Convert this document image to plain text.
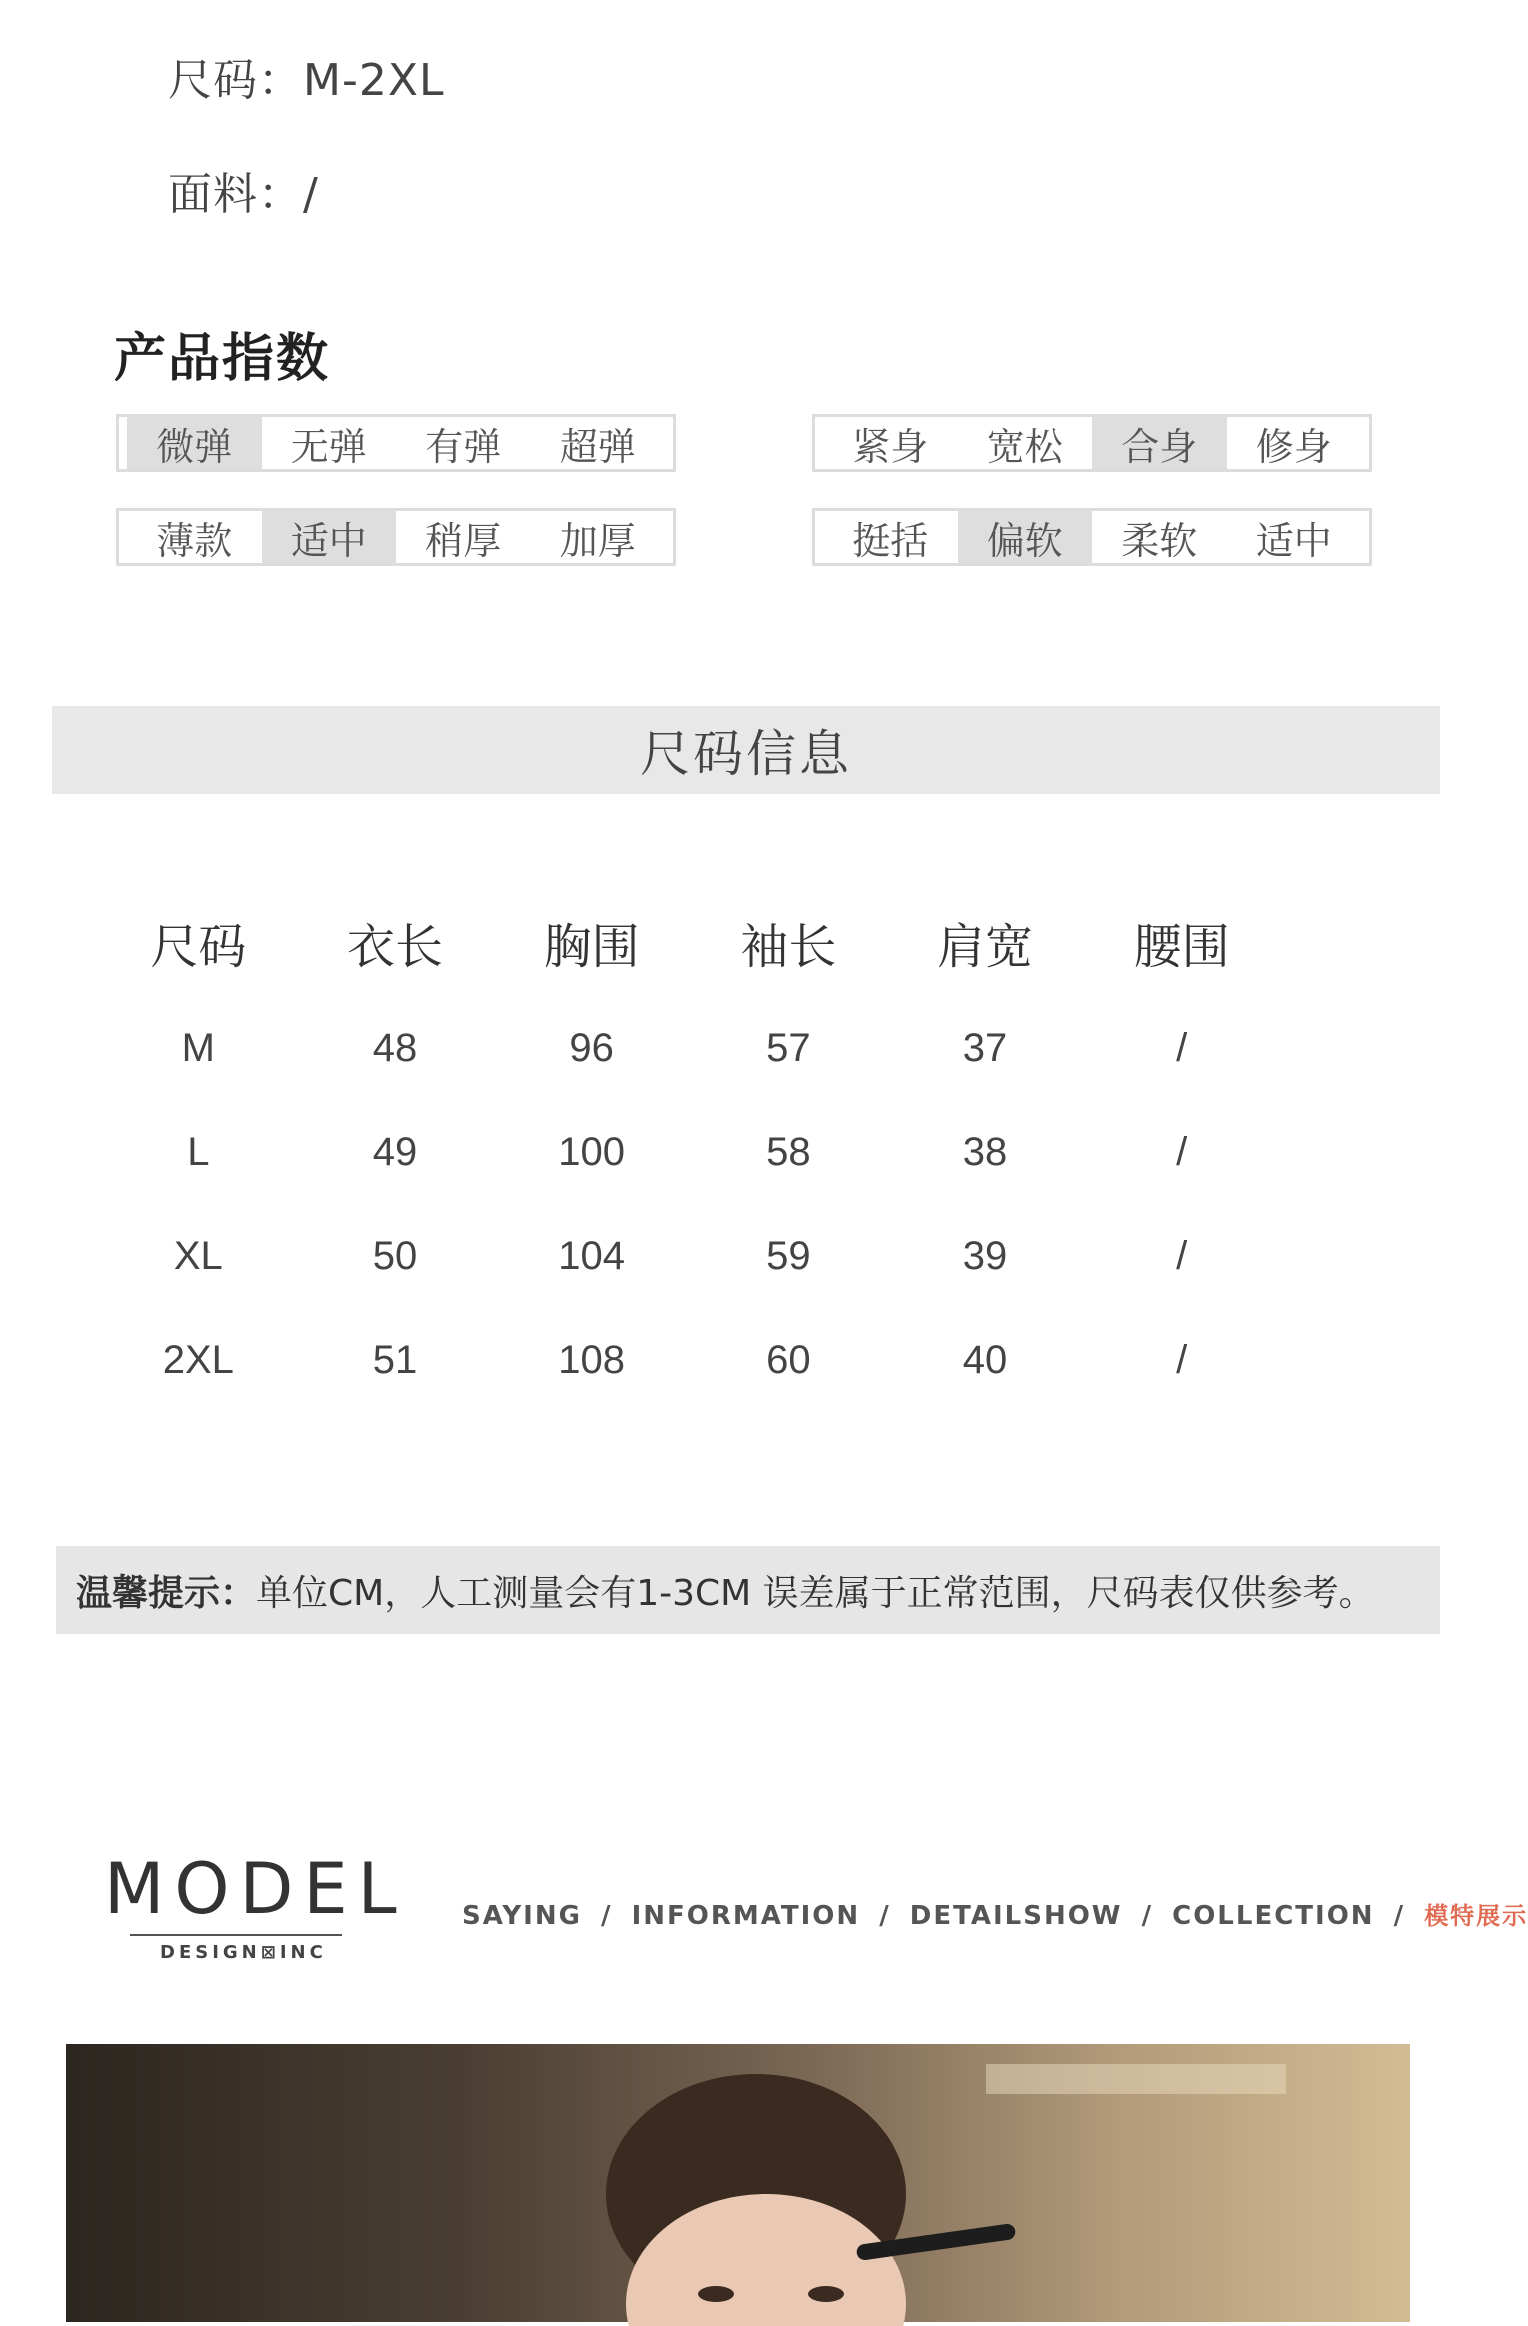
尺码：M-2XL
面料：/
产品指数
微弹	无弹	有弹	超弹	紧身	宽松	合身	修身
薄款	适中	稍厚	加厚	挺括	偏软	柔软	适中
尺码信息
尺码	衣长	胸围	袖长	肩宽	腰围
M	48	96	57	37	/
L	49	100	58	38	/
XL	50	104	59	39	/
2XL	51	108	60	40	/
温馨提示： 单位CM，人工测量会有1-3CM 误差属于正常范围，尺码表仅供参考。
MODEL
DESIGN⊠INC
SAYING / INFORMATION / DETAILSHOW / COLLECTION / 模特展示
